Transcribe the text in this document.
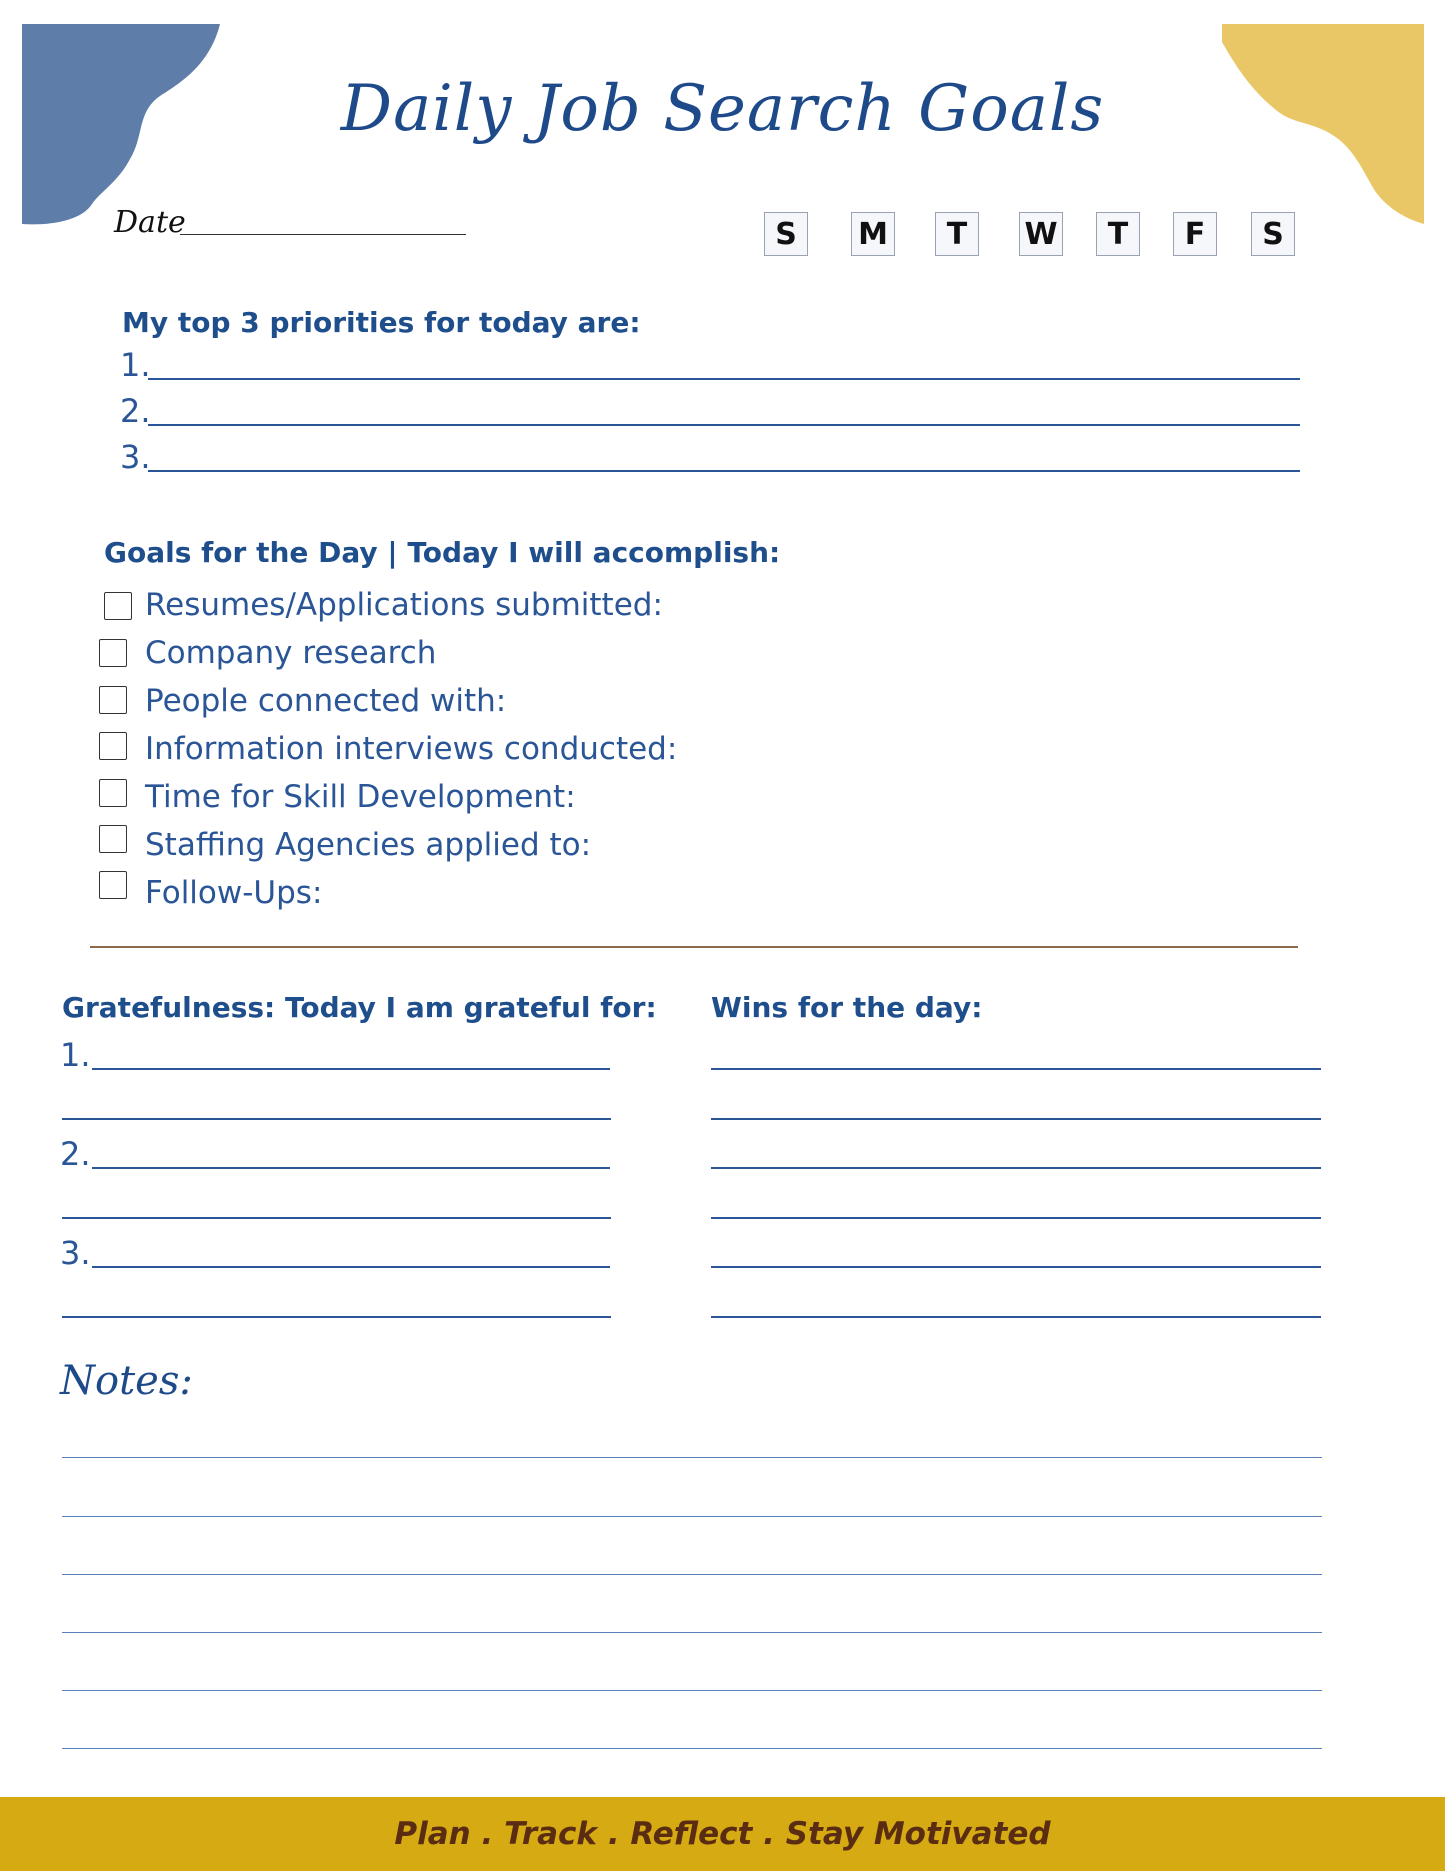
Daily Job Search Goals
Date	S	M	T	W	T	F	S
My top 3 priorities for today are:
1.
2.
3.
Goals for the Day | Today I will accomplish:
Resumes/Applications submitted:
Company research
People connected with:
Information interviews conducted:
Time for Skill Development:
Staffing Agencies applied to:
Follow-Ups:
Gratefulness: Today I am grateful for:
1.
2.
3.
Wins for the day:
Notes:
Plan . Track . Reflect . Stay Motivated
